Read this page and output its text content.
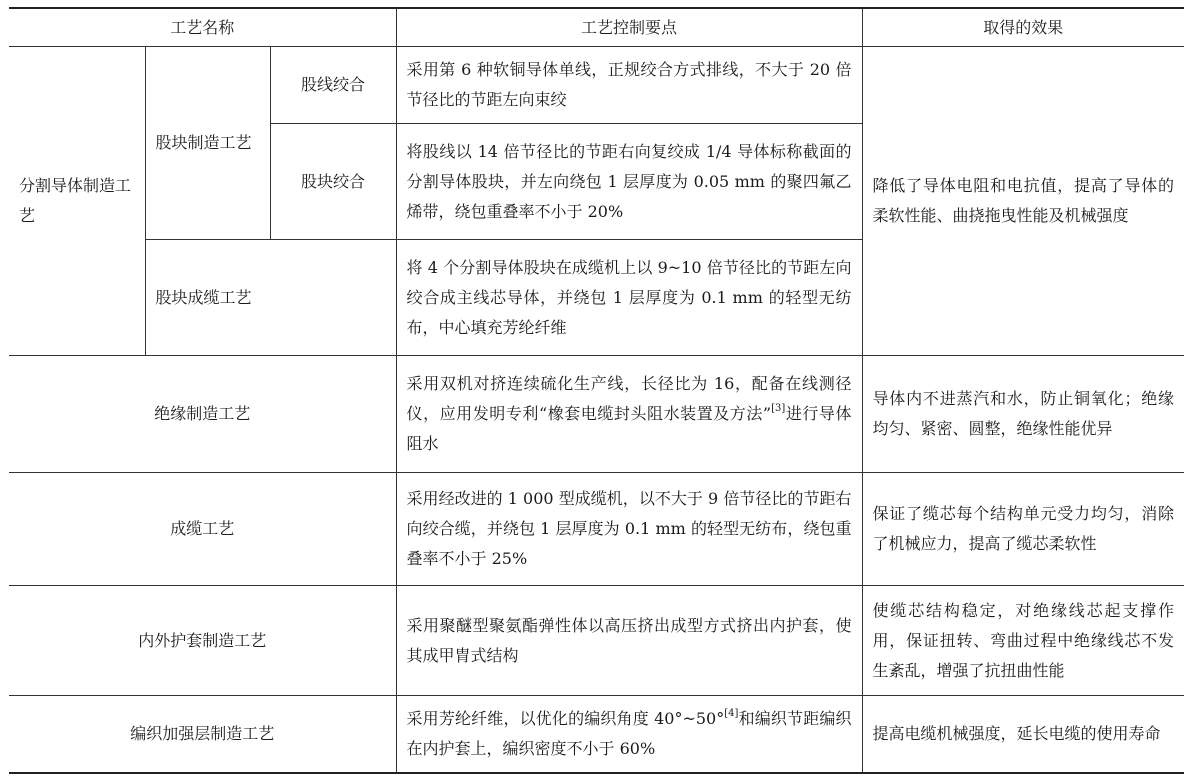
工艺名称			工艺控制要点	取得的效果
分割导体制造工艺	股块制造工艺	股线绞合	采用第 6 种软铜导体单线，正规绞合方式排线，不大于 20 倍节径比的节距左向束绞	降低了导体电阻和电抗值，提高了导体的柔软性能、曲挠拖曳性能及机械强度
		股块绞合	将股线以 14 倍节径比的节距右向复绞成 1/4 导体标称截面的分割导体股块，并左向绕包 1 层厚度为 0.05 mm 的聚四氟乙烯带，绕包重叠率不小于 20%	
	股块成缆工艺		将 4 个分割导体股块在成缆机上以 9~10 倍节径比的节距左向绞合成主线芯导体，并绕包 1 层厚度为 0.1 mm 的轻型无纺布，中心填充芳纶纤维	
绝缘制造工艺			采用双机对挤连续硫化生产线，长径比为 16，配备在线测径仪，应用发明专利“橡套电缆封头阻水装置及方法”[3]进行导体阻水	导体内不进蒸汽和水，防止铜氧化；绝缘均匀、紧密、圆整，绝缘性能优异
成缆工艺			采用经改进的 1 000 型成缆机，以不大于 9 倍节径比的节距右向绞合缆，并绕包 1 层厚度为 0.1 mm 的轻型无纺布，绕包重叠率不小于 25%	保证了缆芯每个结构单元受力均匀，消除了机械应力，提高了缆芯柔软性
内外护套制造工艺			采用聚醚型聚氨酯弹性体以高压挤出成型方式挤出内护套，使其成甲胄式结构	使缆芯结构稳定，对绝缘线芯起支撑作用，保证扭转、弯曲过程中绝缘线芯不发生紊乱，增强了抗扭曲性能
编织加强层制造工艺			采用芳纶纤维，以优化的编织角度 40°~50°[4]和编织节距编织在内护套上，编织密度不小于 60%	提高电缆机械强度，延长电缆的使用寿命
